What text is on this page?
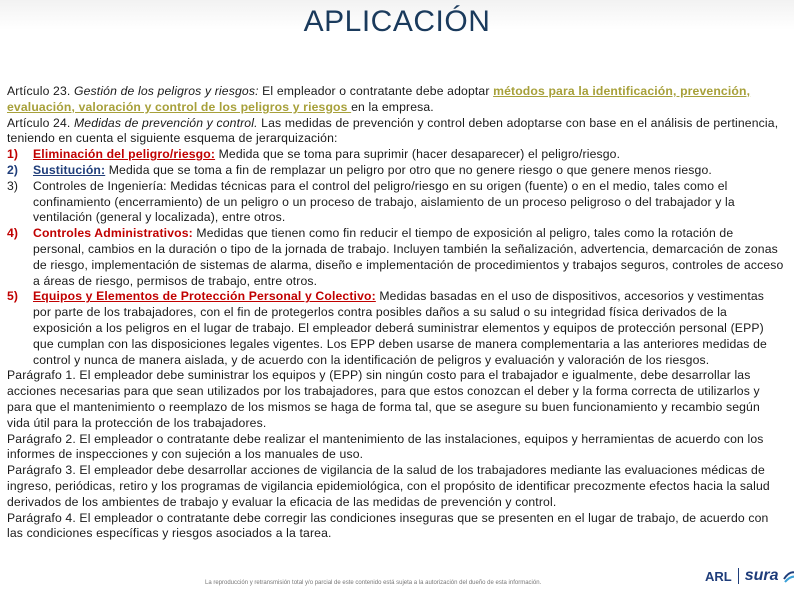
APLICACIÓN

Artículo 23. Gestión de los peligros y riesgos: El empleador o contratante debe adoptar métodos para la identificación, prevención, evaluación, valoración y control de los peligros y riesgos en la empresa.

Artículo 24. Medidas de prevención y control. Las medidas de prevención y control deben adoptarse con base en el análisis de pertinencia, teniendo en cuenta el siguiente esquema de jerarquización:

1)	Eliminación del peligro/riesgo: Medida que se toma para suprimir (hacer desaparecer) el peligro/riesgo.
2)	Sustitución: Medida que se toma a fin de remplazar un peligro por otro que no genere riesgo o que genere menos riesgo.
3)	Controles de Ingeniería: Medidas técnicas para el control del peligro/riesgo en su origen (fuente) o en el medio, tales como el confinamiento (encerramiento) de un peligro o un proceso de trabajo, aislamiento de un proceso peligroso o del trabajador y la ventilación (general y localizada), entre otros.
4)	Controles Administrativos: Medidas que tienen como fin reducir el tiempo de exposición al peligro, tales como la rotación de personal, cambios en la duración o tipo de la jornada de trabajo. Incluyen también la señalización, advertencia, demarcación de zonas de riesgo, implementación de sistemas de alarma, diseño e implementación de procedimientos y trabajos seguros, controles de acceso a áreas de riesgo, permisos de trabajo, entre otros.
5)	Equipos y Elementos de Protección Personal y Colectivo: Medidas basadas en el uso de dispositivos, accesorios y vestimentas por parte de los trabajadores, con el fin de protegerlos contra posibles daños a su salud o su integridad física derivados de la exposición a los peligros en el lugar de trabajo. El empleador deberá suministrar elementos y equipos de protección personal (EPP) que cumplan con las disposiciones legales vigentes. Los EPP deben usarse de manera complementaria a las anteriores medidas de control y nunca de manera aislada, y de acuerdo con la identificación de peligros y evaluación y valoración de los riesgos.

Parágrafo 1. El empleador debe suministrar los equipos y (EPP) sin ningún costo para el trabajador e igualmente, debe desarrollar las acciones necesarias para que sean utilizados por los trabajadores, para que estos conozcan el deber y la forma correcta de utilizarlos y para que el mantenimiento o reemplazo de los mismos se haga de forma tal, que se asegure su buen funcionamiento y recambio según vida útil para la protección de los trabajadores.

Parágrafo 2. El empleador o contratante debe realizar el mantenimiento de las instalaciones, equipos y herramientas de acuerdo con los informes de inspecciones y con sujeción a los manuales de uso.

Parágrafo 3. El empleador debe desarrollar acciones de vigilancia de la salud de los trabajadores mediante las evaluaciones médicas de ingreso, periódicas, retiro y los programas de vigilancia epidemiológica, con el propósito de identificar precozmente efectos hacia la salud derivados de los ambientes de trabajo y evaluar la eficacia de las medidas de prevención y control.

Parágrafo 4. El empleador o contratante debe corregir las condiciones inseguras que se presenten en el lugar de trabajo, de acuerdo con las condiciones específicas y riesgos asociados a la tarea.

La reproducción y retransmisión total y/o parcial de este contenido está sujeta a la autorización del dueño de esta información.	ARL sura
